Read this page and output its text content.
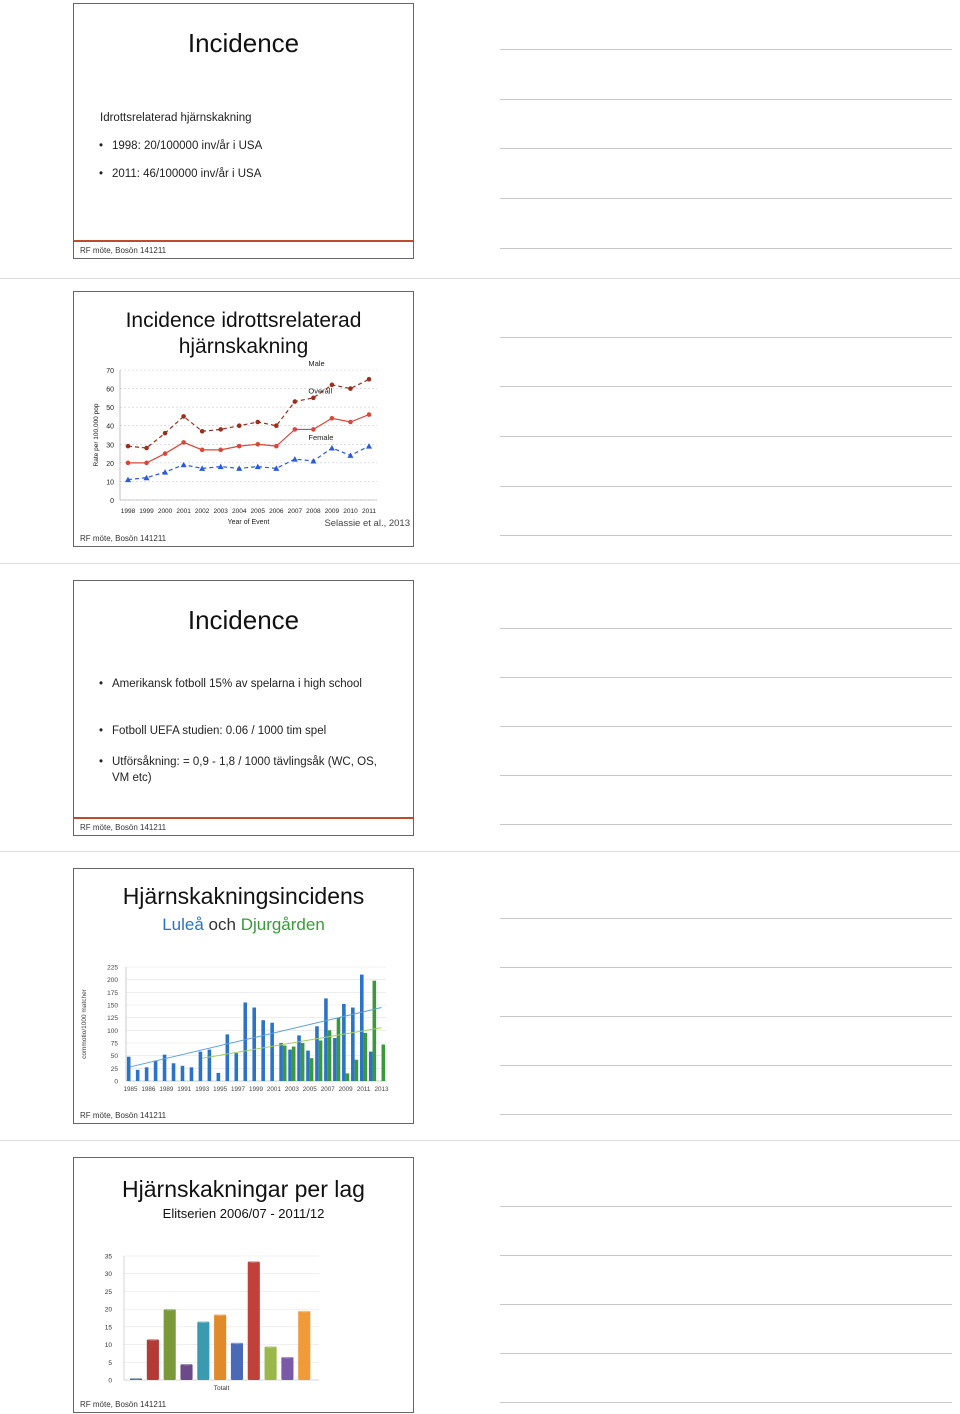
Incidence
Idrottsrelaterad hjärnskakning
• 1998: 20/100000 inv/år i USA
• 2011: 46/100000 inv/år i USA
RF möte, Bosön 141211
Incidence idrottsrelaterad
hjärnskakning
0
10
20
30
40
50
60
70
1998 1999 2000 2001 2002 2003 2004 2005 2006 2007 2008 2009 2010 2011
Year of Event
Rate per 100,000 pop
Male
Overall
Female
Selassie et al., 2013
RF möte, Bosön 141211
Incidence
• Amerikansk fotboll 15% av spelarna i high school
• Fotboll UEFA studien: 0.06 / 1000 tim spel
• Utförsåkning: = 0,9 - 1,8 / 1000 tävlingsåk (WC, OS, VM etc)
RF möte, Bosön 141211
Hjärnskakningsincidens
Luleå och Djurgården
0
25
50
75
100
125
150
175
200
225
commotio/1000 matcher
1985 1986 1989 1991 1993 1995 1997 1999 2001 2003 2005 2007 2009 2011 2013
RF möte, Bosön 141211
Hjärnskakningar per lag
Elitserien 2006/07 - 2011/12
0
5
10
15
20
25
30
35
Totalt
RF möte, Bosön 141211
